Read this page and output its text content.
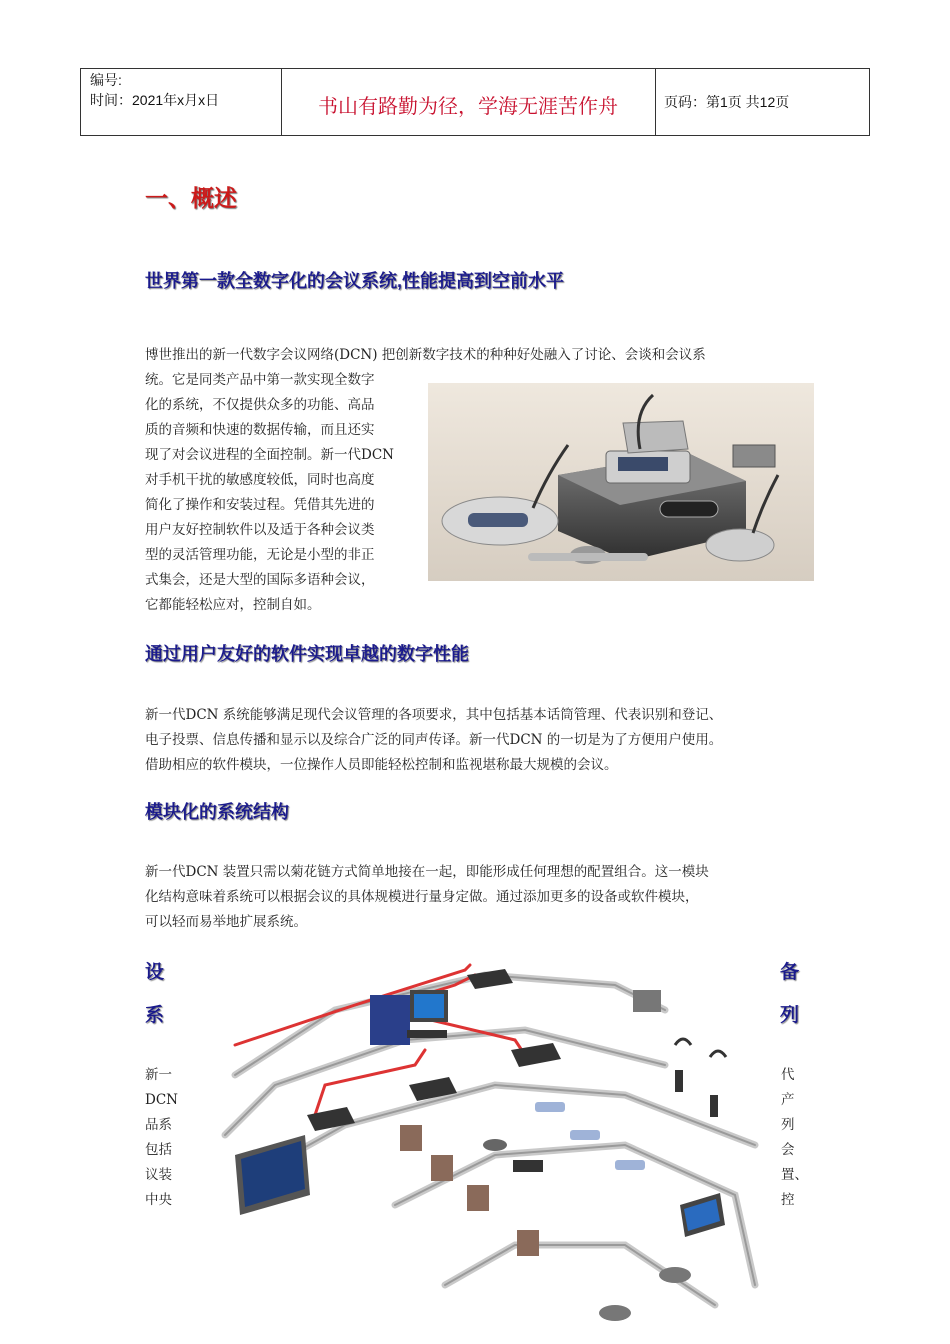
编号:
时间：2021年x月x日	书山有路勤为径，学海无涯苦作舟	页码：第1页 共12页
一、概述
世界第一款全数字化的会议系统,性能提高到空前水平
博世推出的新一代数字会议网络(DCN) 把创新数字技术的种种好处融入了讨论、会谈和会议系
统。它是同类产品中第一款实现全数字
化的系统，不仅提供众多的功能、高品
质的音频和快速的数据传输，而且还实
现了对会议进程的全面控制。新一代DCN
对手机干扰的敏感度较低，同时也高度
简化了操作和安装过程。凭借其先进的
用户友好控制软件以及适于各种会议类
型的灵活管理功能，无论是小型的非正
式集会，还是大型的国际多语种会议，
它都能轻松应对，控制自如。
通过用户友好的软件实现卓越的数字性能
新一代DCN 系统能够满足现代会议管理的各项要求，其中包括基本话筒管理、代表识别和登记、
电子投票、信息传播和显示以及综合广泛的同声传译。新一代DCN 的一切是为了方便用户使用。
借助相应的软件模块，一位操作人员即能轻松控制和监视堪称最大规模的会议。
模块化的系统结构
新一代DCN 装置只需以菊花链方式简单地接在一起，即能形成任何理想的配置组合。这一模块
化结构意味着系统可以根据会议的具体规模进行量身定做。通过添加更多的设备或软件模块，
可以轻而易举地扩展系统。
设
系
备
列
新一
DCN
品系
包括
议装
中央
代
产
列
会
置、
控
